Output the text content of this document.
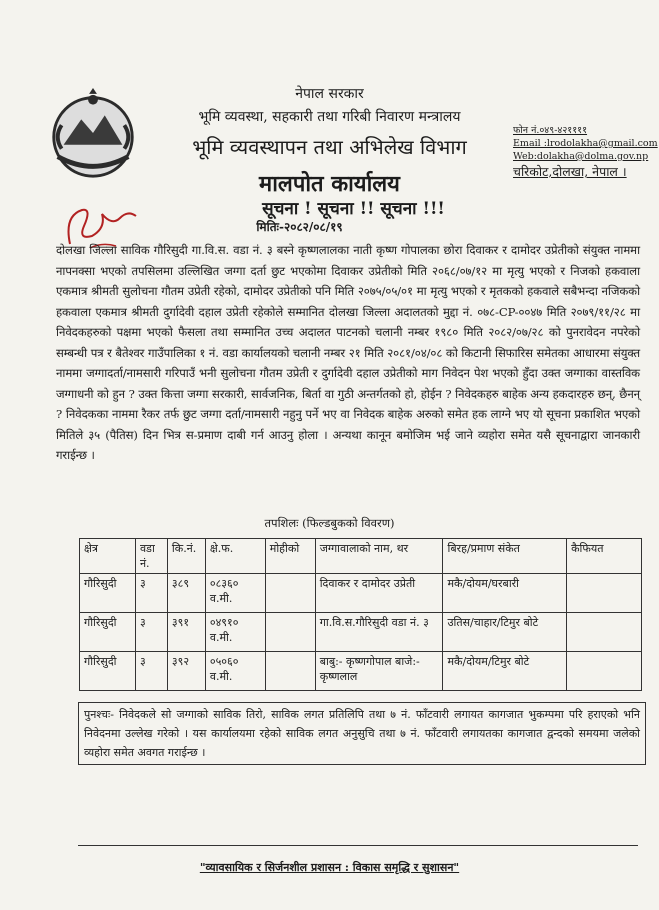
नेपाल सरकार
भूमि व्यवस्था, सहकारी तथा गरिबी निवारण मन्त्रालय
भूमि व्यवस्थापन तथा अभिलेख विभाग
मालपोत कार्यालय
सूचना ! सूचना !! सूचना !!!
मितिः-२०८२/०८/१९
फोन नं.०४९-४२११११
Email :lrodolakha@gmail.com
Web:dolakha@dolma.gov.np
चरिकोट,दोलखा, नेपाल ।
दोलखा जिल्ला साविक गौरिसुदी गा.वि.स. वडा नं. ३ बस्ने कृष्णलालका नाती कृष्ण गोपालका छोरा दिवाकर र दामोदर उप्रेतीको संयुक्त नाममा नापनक्सा भएको तपसिलमा उल्लिखित जग्गा दर्ता छुट भएकोमा दिवाकर उप्रेतीको मिति २०६८/०७/१२ मा मृत्यु भएको र निजको हकवाला एकमात्र श्रीमती सुलोचना गौतम उप्रेती रहेको, दामोदर उप्रेतीको पनि मिति २०७५/०५/०१ मा मृत्यु भएको र मृतकको हकवाले सबैभन्दा नजिकको हकवाला एकमात्र श्रीमती दुर्गादेवी दहाल उप्रेती रहेकोले सम्मानित दोलखा जिल्ला अदालतको मुद्दा नं. ०७८-CP-००४७ मिति २०७९/११/२८ मा निवेदकहरुको पक्षमा भएको फैसला तथा सम्मानित उच्च अदालत पाटनको चलानी नम्बर १९८० मिति २०८२/०७/२८ को पुनरावेदन नपरेको सम्बन्धी पत्र र बैतेश्वर गाउँपालिका १ नं. वडा कार्यालयको चलानी नम्बर २१ मिति २०८१/०४/०८ को किटानी सिफारिस समेतका आधारमा संयुक्त नाममा जग्गादर्ता/नामसारी गरिपाउँ भनी सुलोचना गौतम उप्रेती र दुर्गादेवी दहाल उप्रेतीको माग निवेदन पेश भएको हुँदा उक्त जग्गाका वास्तविक जग्गाधनी को हुन ? उक्त कित्ता जग्गा सरकारी, सार्वजनिक, बिर्ता वा गुठी अन्तर्गतको हो, होईन ? निवेदकहरु बाहेक अन्य हकदारहरु छन्, छैनन् ? निवेदकका नाममा रैकर तर्फ छुट जग्गा दर्ता/नामसारी नहुनु पर्ने भए वा निवेदक बाहेक अरुको समेत हक लाग्ने भए यो सूचना प्रकाशित भएको मितिले ३५ (पैतिस) दिन भित्र स-प्रमाण दाबी गर्न आउनु होला । अन्यथा कानून बमोजिम भई जाने व्यहोरा समेत यसै सूचनाद्वारा जानकारी गराईन्छ ।
तपशिलः (फिल्डबुकको विवरण)
क्षेत्र	वडा नं.	कि.नं.	क्षे.फ.	मोहीको	जग्गावालाको नाम, थर	बिरह/प्रमाण संकेत	कैफियत
गौरिसुदी	३	३८९	०८३६० व.मी.		दिवाकर र दामोदर उप्रेती	मकै/दोयम/घरबारी	
गौरिसुदी	३	३९१	०४९१० व.मी.		गा.वि.स.गौरिसुदी वडा नं. ३	उतिस/चाहार/टिमुर बोटे	
गौरिसुदी	३	३९२	०५०६० व.मी.		बाबु:- कृष्णगोपाल बाजे:- कृष्णलाल	मकै/दोयम/टिमुर बोटे	
पुनश्चः- निवेदकले सो जग्गाको साविक तिरो, साविक लगत प्रतिलिपि तथा ७ नं. फाँटवारी लगायत कागजात भुकम्पमा परि हराएको भनि निवेदनमा उल्लेख गरेको । यस कार्यालयमा रहेको साविक लगत अनुसुचि तथा ७ नं. फाँटवारी लगायतका कागजात द्वन्दको समयमा जलेको व्यहोरा समेत अवगत गराईन्छ ।
"व्यावसायिक र सिर्जनशील प्रशासन : विकास समृद्धि र सुशासन"
